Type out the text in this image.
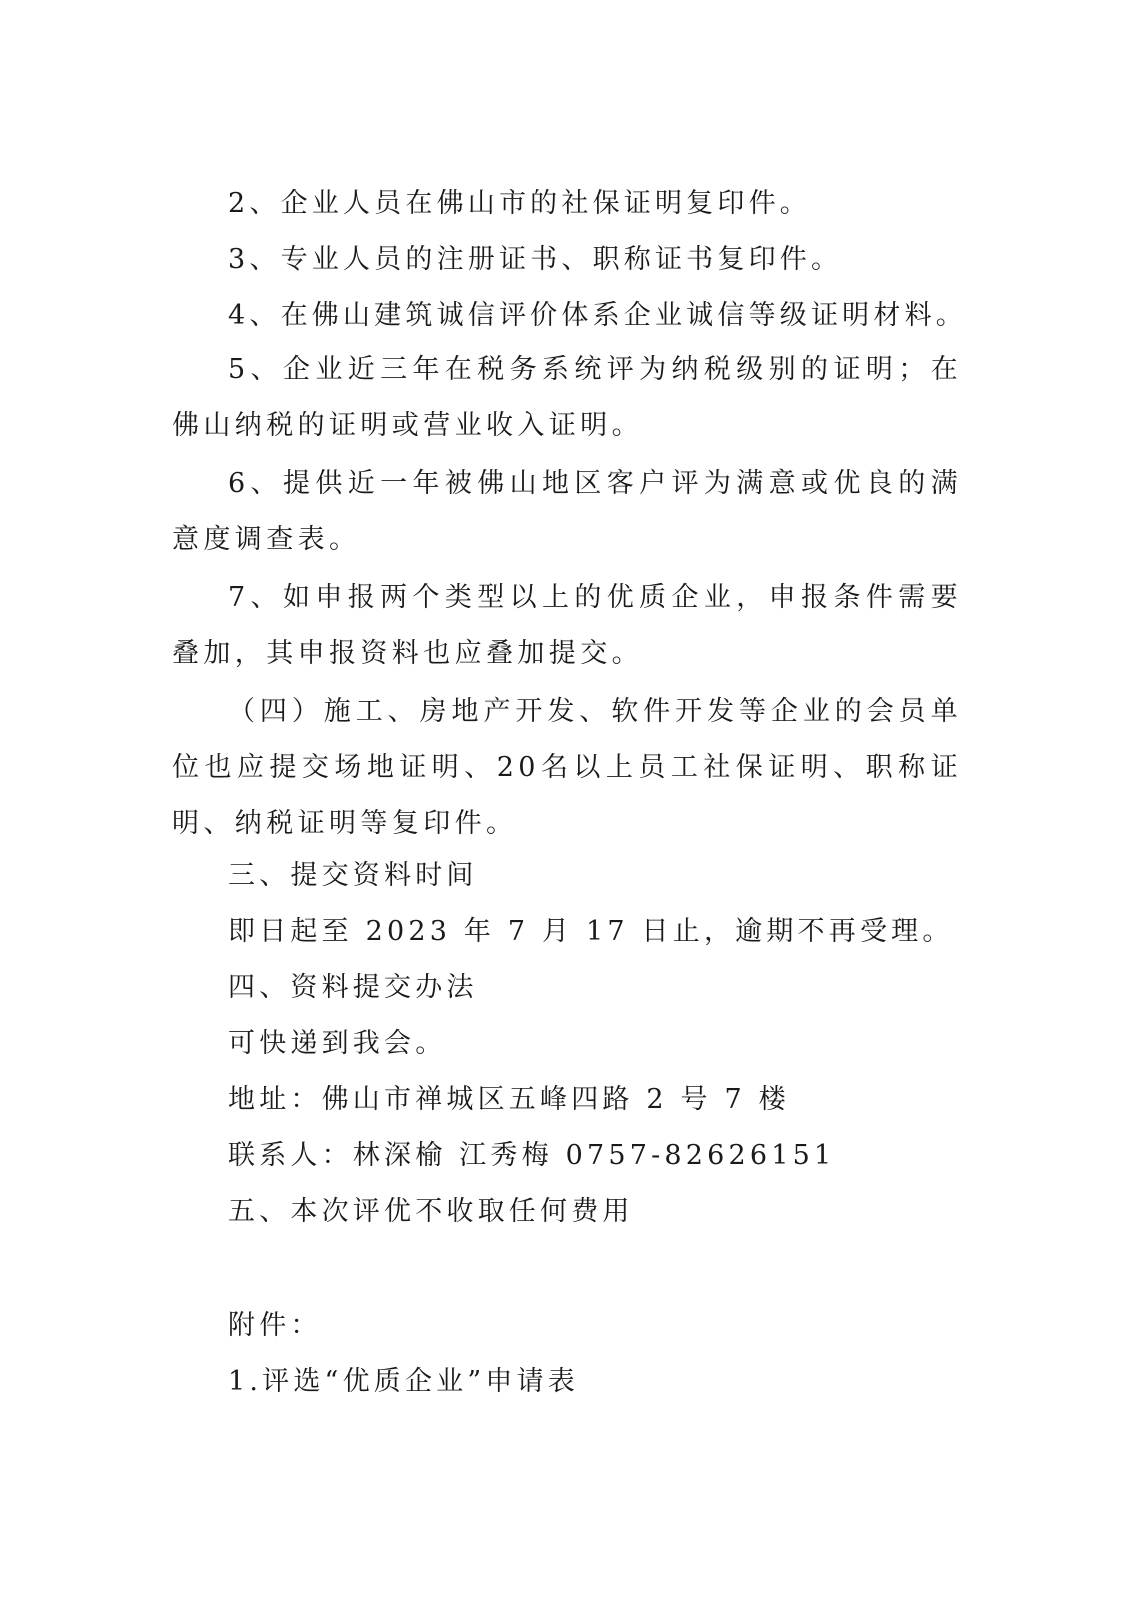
2、企业人员在佛山市的社保证明复印件。
3、专业人员的注册证书、职称证书复印件。
4、在佛山建筑诚信评价体系企业诚信等级证明材料。
5、企业近三年在税务系统评为纳税级别的证明；在佛山纳税的证明或营业收入证明。
6、提供近一年被佛山地区客户评为满意或优良的满意度调查表。
7、如申报两个类型以上的优质企业，申报条件需要叠加，其申报资料也应叠加提交。
（四）施工、房地产开发、软件开发等企业的会员单位也应提交场地证明、20名以上员工社保证明、职称证明、纳税证明等复印件。
三、提交资料时间
即日起至 2023 年 7 月 17 日止，逾期不再受理。
四、资料提交办法
可快递到我会。
地址：佛山市禅城区五峰四路 2 号 7 楼
联系人：林深榆 江秀梅 0757-82626151
五、本次评优不收取任何费用
附件：
1.评选“优质企业”申请表
